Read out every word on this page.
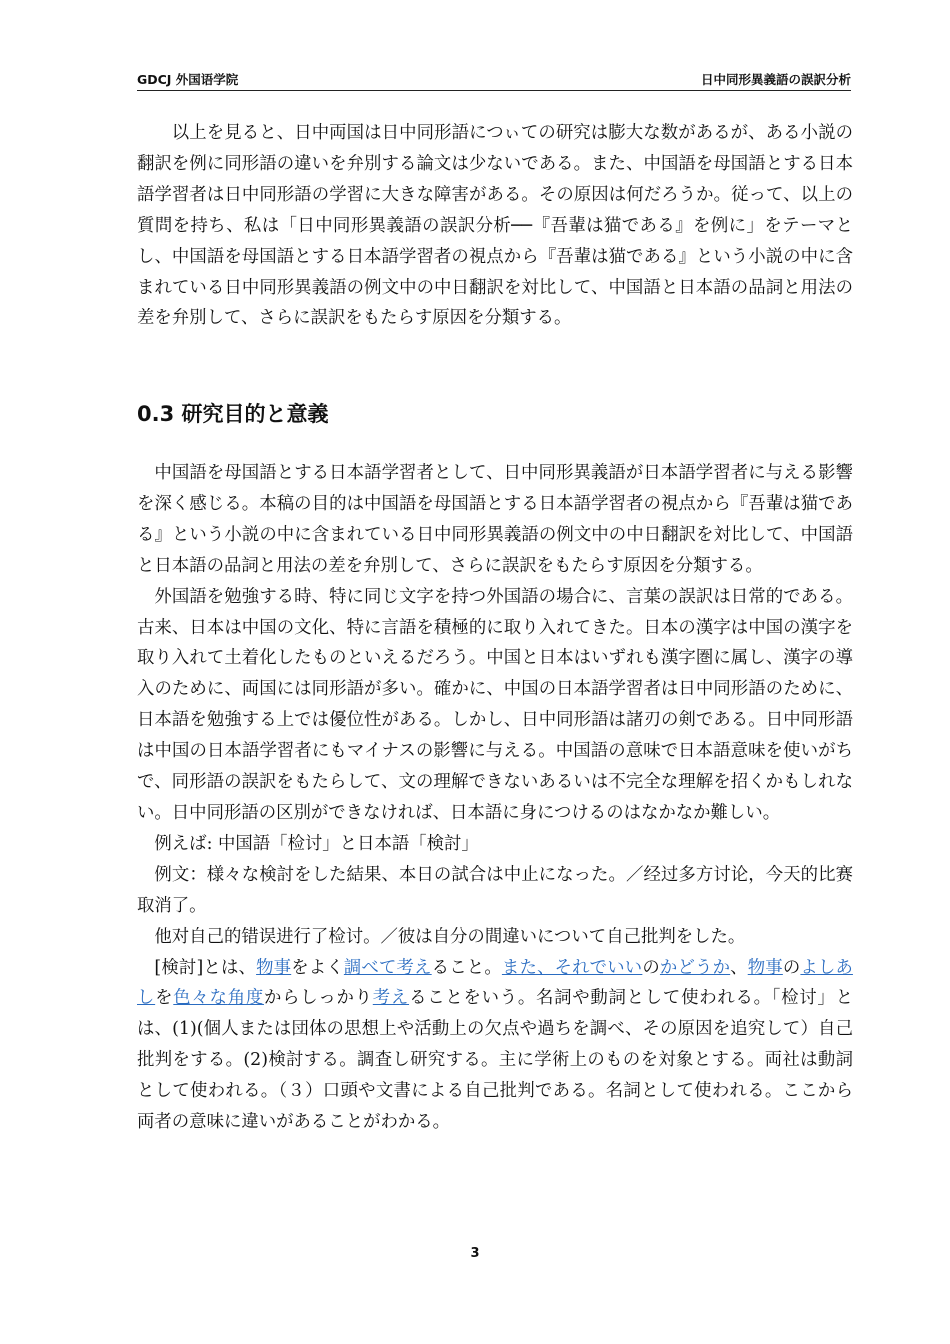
GDCJ 外国语学院	日中同形異義語の誤訳分析

以上を見ると、日中両国は日中同形語につぃての研究は膨大な数があるが、ある小説の翻訳を例に同形語の違いを弁別する論文は少ないである。また、中国語を母国語とする日本語学習者は日中同形語の学習に大きな障害がある。その原因は何だろうか。従って、以上の質問を持ち、私は「日中同形異義語の誤訳分析──『吾輩は猫である』を例に」をテーマとし、中国語を母国語とする日本語学習者の視点から『吾輩は猫である』という小説の中に含まれている日中同形異義語の例文中の中日翻訳を対比して、中国語と日本語の品詞と用法の差を弁別して、さらに誤訳をもたらす原因を分類する。

0.3 研究目的と意義

中国語を母国語とする日本語学習者として、日中同形異義語が日本語学習者に与える影響を深く感じる。本稿の目的は中国語を母国語とする日本語学習者の視点から『吾輩は猫である』という小説の中に含まれている日中同形異義語の例文中の中日翻訳を対比して、中国語と日本語の品詞と用法の差を弁別して、さらに誤訳をもたらす原因を分類する。

外国語を勉強する時、特に同じ文字を持つ外国語の場合に、言葉の誤訳は日常的である。古来、日本は中国の文化、特に言語を積極的に取り入れてきた。日本の漢字は中国の漢字を取り入れて土着化したものといえるだろう。中国と日本はいずれも漢字圏に属し、漢字の導入のために、両国には同形語が多い。確かに、中国の日本語学習者は日中同形語のために、日本語を勉強する上では優位性がある。しかし、日中同形語は諸刃の剣である。日中同形語は中国の日本語学習者にもマイナスの影響に与える。中国語の意味で日本語意味を使いがちで、同形語の誤訳をもたらして、文の理解できないあるいは不完全な理解を招くかもしれない。日中同形語の区別ができなければ、日本語に身につけるのはなかなか難しい。

例えば: 中国語「检讨」と日本語「検討」

例文：様々な検討をした結果、本日の試合は中止になった。／经过多方讨论，今天的比赛取消了。

他对自己的错误进行了检讨。／彼は自分の間違いについて自己批判をした。

[検討]とは、物事をよく調べて考えること。また、それでいいのかどうか、物事のよしあしを色々な角度からしっかり考えることをいう。名詞や動詞として使われる。「检讨」とは、(1)(個人または団体の思想上や活動上の欠点や過ちを調べ、その原因を追究して）自己批判をする。(2)検討する。調査し研究する。主に学術上のものを対象とする。両社は動詞として使われる。（３）口頭や文書による自己批判である。名詞として使われる。ここから両者の意味に違いがあることがわかる。

3
